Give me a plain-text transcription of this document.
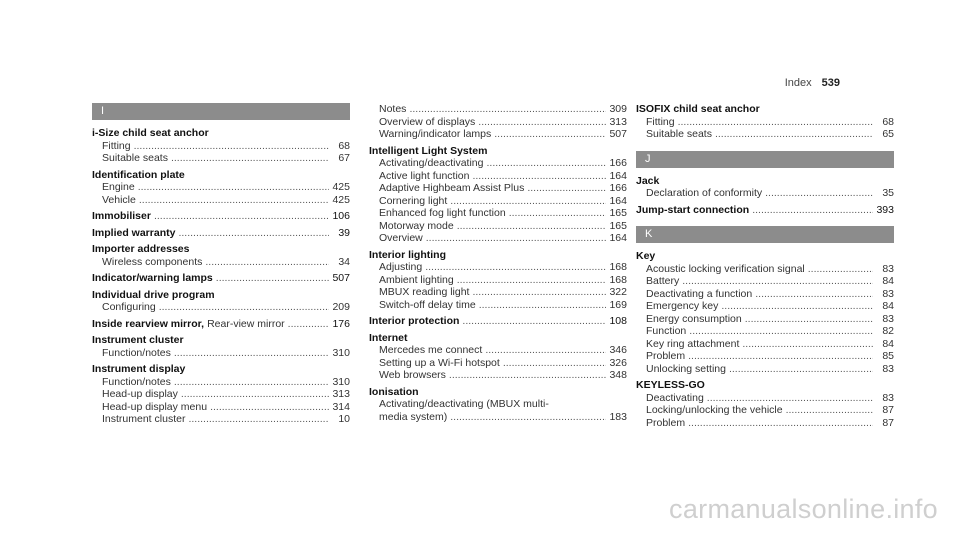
Index 539
I
i-Size child seat anchor
Fitting .....	68
Suitable seats .....	67
Identification plate
Engine .....	425
Vehicle .....	425
Immobiliser .....	106
Implied warranty .....	39
Importer addresses
Wireless components .....	34
Indicator/warning lamps .....	507
Individual drive program
Configuring .....	209
Inside rearview mirror, Rear-view mirror .....	176
Instrument cluster
Function/notes .....	310
Instrument display
Function/notes .....	310
Head-up display .....	313
Head-up display menu .....	314
Instrument cluster .....	10
Notes .....	309
Overview of displays .....	313
Warning/indicator lamps .....	507
Intelligent Light System
Activating/deactivating .....	166
Active light function .....	164
Adaptive Highbeam Assist Plus .....	166
Cornering light .....	164
Enhanced fog light function .....	165
Motorway mode .....	165
Overview .....	164
Interior lighting
Adjusting .....	168
Ambient lighting .....	168
MBUX reading light .....	322
Switch-off delay time .....	169
Interior protection .....	108
Internet
Mercedes me connect .....	346
Setting up a Wi-Fi hotspot .....	326
Web browsers .....	348
Ionisation
Activating/deactivating (MBUX multi-
media system) .....	183
ISOFIX child seat anchor
Fitting .....	68
Suitable seats .....	65
J
Jack
Declaration of conformity .....	35
Jump-start connection .....	393
K
Key
Acoustic locking verification signal .....	83
Battery .....	84
Deactivating a function .....	83
Emergency key .....	84
Energy consumption .....	83
Function .....	82
Key ring attachment .....	84
Problem .....	85
Unlocking setting .....	83
KEYLESS-GO
Deactivating .....	83
Locking/unlocking the vehicle .....	87
Problem .....	87
carmanualsonline.info
